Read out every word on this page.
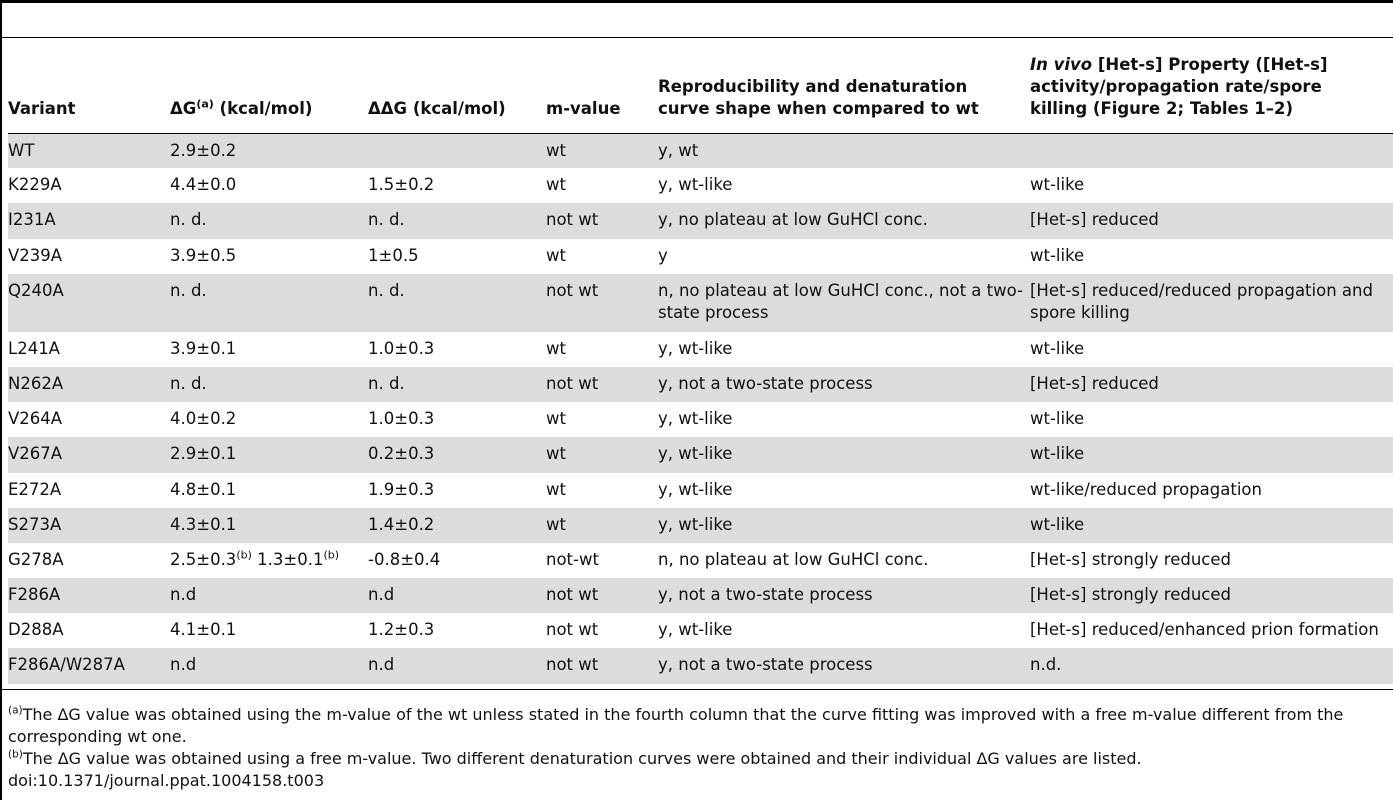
Variant	ΔG$^{(a)}$ (kcal/mol)	ΔΔG (kcal/mol)	m-value	Reproducibility and denaturation
curve shape when compared to wt	In vivo [Het-s] Property ([Het-s]
activity/propagation rate/spore
killing (Figure 2; Tables 1–2)

WT	2.9±0.2		wt	y, wt	
K229A	4.4±0.0	1.5±0.2	wt	y, wt-like	wt-like
I231A	n. d.	n. d.	not wt	y, no plateau at low GuHCl conc.	[Het-s] reduced
V239A	3.9±0.5	1±0.5	wt	y	wt-like
Q240A	n. d.	n. d.	not wt	n, no plateau at low GuHCl conc., not a two-state process	[Het-s] reduced/reduced propagation and spore killing
L241A	3.9±0.1	1.0±0.3	wt	y, wt-like	wt-like
N262A	n. d.	n. d.	not wt	y, not a two-state process	[Het-s] reduced
V264A	4.0±0.2	1.0±0.3	wt	y, wt-like	wt-like
V267A	2.9±0.1	0.2±0.3	wt	y, wt-like	wt-like
E272A	4.8±0.1	1.9±0.3	wt	y, wt-like	wt-like/reduced propagation
S273A	4.3±0.1	1.4±0.2	wt	y, wt-like	wt-like
G278A	$2.5\pm 0.3^{(b)}$ $1.3\pm 0.1^{(b)}$	-0.8±0.4	not-wt	n, no plateau at low GuHCl conc.	[Het-s] strongly reduced
F286A	n.d	n.d	not wt	y, not a two-state process	[Het-s] strongly reduced
D288A	4.1±0.1	1.2±0.3	not wt	y, wt-like	[Het-s] reduced/enhanced prion formation
F286A/W287A	n.d	n.d	not wt	y, not a two-state process	n.d.

$^{(a)}$The ΔG value was obtained using the m-value of the wt unless stated in the fourth column that the curve fitting was improved with a free m-value different from the corresponding wt one.

$^{(b)}$The ΔG value was obtained using a free m-value. Two different denaturation curves were obtained and their individual ΔG values are listed.

doi:10.1371/journal.ppat.1004158.t003
